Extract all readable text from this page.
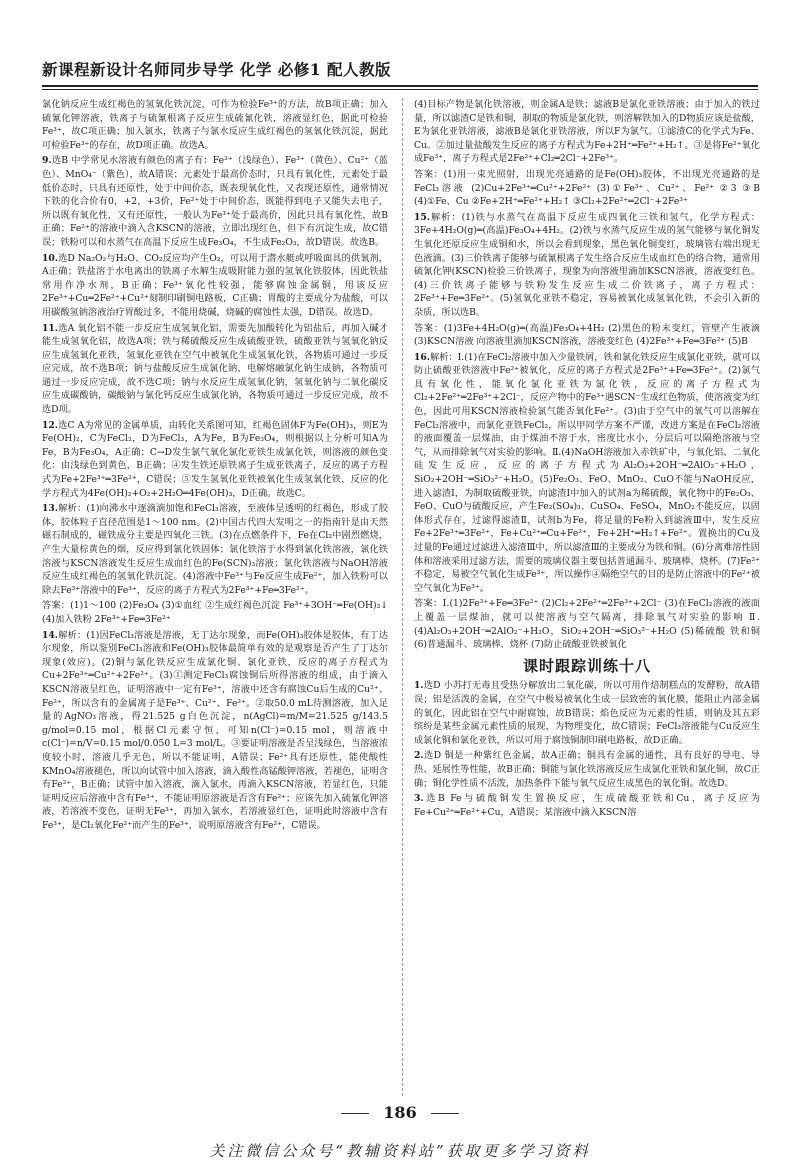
新课程新设计名师同步导学 化学 必修1 配人教版
氯化钠反应生成红褐色的氢氧化铁沉淀，可作为检验Fe³⁺的方法，故B项正确；加入硫氰化钾溶液，铁离子与硫氰根离子反应生成硫氰化铁，溶液显红色，据此可检验Fe³⁺，故C项正确；加入氯水，铁离子与氯水反应生成红褐色的氢氧化铁沉淀，据此可检验Fe³⁺的存在，故D项正确。故选A。
9.选B 中学常见水溶液有颜色的离子有：Fe²⁺（浅绿色）、Fe³⁺（黄色）、Cu²⁺（蓝色）、MnO₄⁻（紫色），故A错误；元素处于最高价态时，只具有氧化性，元素处于最低价态时，只具有还原性，处于中间价态，既表现氧化性，又表现还原性，通常情况下铁的化合价有0，+2，+3价，Fe²⁺处于中间价态，既能得到电子又能失去电子，所以既有氧化性，又有还原性，一般认为Fe³⁺处于最高价，因此只具有氧化性，故B正确；Fe²⁺的溶液中滴入含KSCN的溶液，立即出现红色，但下有沉淀生成，故C错误；铁粉可以和水蒸气在高温下反应生成Fe₃O₄，不生成Fe₂O₃，故D错误。故选B。
10.选D Na₂O₂与H₂O、CO₂反应均产生O₂，可以用于潜水艇或呼吸面具的供氧剂，A正确；铁盐溶于水电离出的铁离子水解生成吸附能力强的氢氧化铁胶体，因此铁盐常用作净水剂，B正确；Fe³⁺氧化性较强，能够腐蚀金属铜，用该反应2Fe³⁺+Cu═2Fe²⁺+Cu²⁺刻制印刷铜电路板，C正确；胃酸的主要成分为盐酸，可以用碳酸氢钠溶液治疗胃酸过多，不能用烧碱，烧碱的腐蚀性太强，D错误。故选D。
11.选A 氧化铝不能一步反应生成氢氧化铝，需要先加酸转化为铝盐后，再加入碱才能生成氢氧化铝，故选A项；铁与稀硫酸反应生成硫酸亚铁，硫酸亚铁与氢氧化钠反应生成氢氧化亚铁，氢氧化亚铁在空气中被氧化生成氢氧化铁，各物质可通过一步反应完成，故不选B项；钠与盐酸反应生成氯化钠，电解熔融氯化钠生成钠，各物质可通过一步反应完成，故不选C项；钠与水反应生成氢氧化钠，氢氧化钠与二氧化碳反应生成碳酸钠，碳酸钠与氯化钙反应生成氯化钠，各物质可通过一步反应完成，故不选D项。
12.选C A为常见的金属单质，由转化关系图可知，红褐色固体F为Fe(OH)₃，则E为Fe(OH)₂，C为FeCl₂，D为FeCl₃，A为Fe，B为Fe₃O₄，则根据以上分析可知A为Fe，B为Fe₃O₄，A正确；C→D发生氯气氧化氯化亚铁生成氯化铁，则溶液的颜色变化：由浅绿色到黄色，B正确；④发生铁还原铁离子生成亚铁离子，反应的离子方程式为Fe+2Fe³⁺═3Fe²⁺，C错误；⑤发生氢氧化亚铁被氧化生成氢氧化铁，反应的化学方程式为4Fe(OH)₂+O₂+2H₂O═4Fe(OH)₃，D正确。故选C。
13.解析：(1)向沸水中逐滴滴加饱和FeCl₃溶液，至液体呈透明的红褐色，形成了胶体，胶体粒子直径范围是1～100 nm。(2)中国古代四大发明之一的指南针是由天然磁石制成的，磁铁成分主要是四氧化三铁。(3)在点燃条件下，Fe在Cl₂中剧烈燃烧，产生大量棕黄色的烟，反应得到氯化铁固体；氯化铁溶于水得到氯化铁溶液，氯化铁溶液与KSCN溶液发生反应生成血红色的Fe(SCN)₃溶液；氯化铁溶液与NaOH溶液反应生成红褐色的氢氧化铁沉淀。(4)溶液中Fe³⁺与Fe反应生成Fe²⁺，加入铁粉可以除去Fe³⁺溶液中的Fe³⁺，反应的离子方程式为2Fe³⁺+Fe═3Fe²⁺。
答案：(1)1～100 (2)Fe₃O₄ (3)①血红 ②生成红褐色沉淀 Fe³⁺+3OH⁻═Fe(OH)₃↓ (4)加入铁粉 2Fe³⁺+Fe═3Fe²⁺
14.解析：(1)因FeCl₃溶液是溶液，无丁达尔现象，而Fe(OH)₃胶体是胶体，有丁达尔现象，所以鉴别FeCl₃溶液和Fe(OH)₃胶体最简单有效的是观察是否产生了丁达尔现象(效应)。(2)铜与氯化铁反应生成氯化铜、氯化亚铁，反应的离子方程式为Cu+2Fe³⁺═Cu²⁺+2Fe²⁺。(3)①测定FeCl₃腐蚀铜后所得溶液的组成，由于滴入KSCN溶液呈红色，证明溶液中一定有Fe³⁺，溶液中还含有腐蚀Cu后生成的Cu²⁺、Fe²⁺，所以含有的金属离子是Fe³⁺、Cu²⁺、Fe²⁺。②取50.0 mL待测溶液，加入足量的AgNO₃溶液，得21.525 g白色沉淀，n(AgCl)=m/M=21.525 g/143.5 g/mol=0.15 mol，根据Cl元素守恒，可知n(Cl⁻)=0.15 mol，则溶液中c(Cl⁻)=n/V=0.15 mol/0.050 L=3 mol/L。③要证明溶液是否呈浅绿色，当溶液浓度较小时，溶液几乎无色，所以不能证明，A错误；Fe²⁺具有还原性，能使酸性KMnO₄溶液褪色，所以向试管中加入溶液，滴入酸性高锰酸钾溶液，若褪色，证明含有Fe²⁺，B正确；试管中加入溶液，滴入氯水，再滴入KSCN溶液，若显红色，只能证明反应后溶液中含有Fe³⁺，不能证明原溶液是否含有Fe²⁺；应该先加入硫氰化钾溶液，若溶液不变色，证明无Fe³⁺，再加入氯水，若溶液显红色，证明此时溶液中含有Fe³⁺，是Cl₂氧化Fe²⁺而产生的Fe³⁺，说明原溶液含有Fe²⁺，C错误。
(4)目标产物是氯化铁溶液，则金属A是铁；滤液B是氯化亚铁溶液；由于加入的铁过量，所以滤渣C是铁和铜，制取的物质是氯化铁，则溶解铁加入的D物质应该是盐酸，E为氯化亚铁溶液，滤液B是氯化亚铁溶液，所以F为氯气。①滤渣C的化学式为Fe、Cu。②加过量盐酸发生反应的离子方程式为Fe+2H⁺═Fe²⁺+H₂↑。③是将Fe²⁺氧化成Fe³⁺，离子方程式是2Fe²⁺+Cl₂═2Cl⁻+2Fe³⁺。
答案：(1)用一束光照射，出现光亮通路的是Fe(OH)₃胶体，不出现光亮通路的是FeCl₃溶液 (2)Cu+2Fe³⁺═Cu²⁺+2Fe²⁺ (3)①Fe³⁺、Cu²⁺、Fe²⁺ ②3 ③B (4)①Fe、Cu ②Fe+2H⁺═Fe²⁺+H₂↑ ③Cl₂+2Fe²⁺═2Cl⁻+2Fe³⁺
15.解析：(1)铁与水蒸气在高温下反应生成四氧化三铁和氢气，化学方程式：3Fe+4H₂O(g)═(高温)Fe₃O₄+4H₂。(2)铁与水蒸气反应生成的氢气能够与氧化铜发生氧化还原反应生成铜和水，所以会看到现象，黑色氧化铜变红，玻璃管右端出现无色液滴。(3)三价铁离子能够与硫氰根离子发生络合反应生成血红色的络合物，通常用硫氰化钾(KSCN)检验三价铁离子，现象为向溶液里滴加KSCN溶液，溶液变红色。(4)三价铁离子能够与铁粉发生反应生成二价铁离子，离子方程式：2Fe³⁺+Fe═3Fe²⁺。(5)氢氧化亚铁不稳定，容易被氧化成氢氧化铁，不会引入新的杂质，所以选B。
答案：(1)3Fe+4H₂O(g)═(高温)Fe₃O₄+4H₂ (2)黑色的粉末变红，管壁产生液滴 (3)KSCN溶液 向溶液里滴加KSCN溶液，溶液变红色 (4)2Fe³⁺+Fe═3Fe²⁺ (5)B
16.解析：Ⅰ.(1)在FeCl₂溶液中加入少量铁屑，铁和氯化铁反应生成氯化亚铁，就可以防止硫酸亚铁溶液中Fe²⁺被氧化，反应的离子方程式是2Fe³⁺+Fe═3Fe²⁺。(2)氯气具有氧化性，能氧化氯化亚铁为氯化铁，反应的离子方程式为Cl₂+2Fe²⁺═2Fe³⁺+2Cl⁻，反应产物中的Fe³⁺遇SCN⁻生成红色物质，使溶液变为红色，因此可用KSCN溶液检验氯气能否氧化Fe²⁺。(3)由于空气中的氧气可以溶解在FeCl₂溶液中，而氯化亚铁FeCl₂，所以甲同学方案不严谨，改进方案是在FeCl₂溶液的液面覆盖一层煤油，由于煤油不溶于水，密度比水小，分层后可以隔绝溶液与空气，从而排除氧气对实验的影响。Ⅱ.(4)NaOH溶液加入赤铁矿中，与氧化铝、二氧化硅发生反应，反应的离子方程式为Al₂O₃+2OH⁻═2AlO₂⁻+H₂O，SiO₂+2OH⁻═SiO₃²⁻+H₂O。(5)Fe₂O₃、FeO、MnO₂、CuO不能与NaOH反应，进入滤渣Ⅰ，为制取硫酸亚铁，向滤渣Ⅰ中加入的试剂a为稀硫酸，氧化物中的Fe₂O₃、FeO、CuO与硫酸反应，产生Fe₂(SO₄)₃、CuSO₄、FeSO₄，MnO₂不能反应，以固体形式存在，过滤得滤渣Ⅱ，试剂b为Fe，将足量的Fe粉入到滤液Ⅲ中，发生反应Fe+2Fe³⁺═3Fe²⁺，Fe+Cu²⁺═Cu+Fe²⁺，Fe+2H⁺═H₂↑+Fe²⁺。置换出的Cu及过量的Fe通过过滤进入滤渣Ⅲ中，所以滤渣Ⅲ的主要成分为铁和铜。(6)分离难溶性固体和溶液采用过滤方法，需要的玻璃仪器主要包括普通漏斗、玻璃棒、烧杯。(7)Fe²⁺不稳定，易被空气氧化生成Fe³⁺，所以操作④隔绝空气的目的是防止溶液中的Fe²⁺被空气氧化为Fe³⁺。
答案：Ⅰ.(1)2Fe³⁺+Fe═3Fe²⁺ (2)Cl₂+2Fe²⁺═2Fe³⁺+2Cl⁻ (3)在FeCl₂溶液的液面上覆盖一层煤油，就可以使溶液与空气隔离，排除氧气对实验的影响 Ⅱ.(4)Al₂O₃+2OH⁻═2AlO₂⁻+H₂O，SiO₂+2OH⁻═SiO₃²⁻+H₂O (5)稀硫酸 铁和铜 (6)普通漏斗、玻璃棒、烧杯 (7)防止硫酸亚铁被氧化
课时跟踪训练十八
1.选D 小苏打无毒且受热分解放出二氧化碳，所以可用作焙制糕点的发酵粉，故A错误；铝是活泼的金属，在空气中极易被氧化生成一层致密的氧化膜，能阻止内部金属的氧化，因此铝在空气中耐腐蚀，故B错误；焰色反应为元素的性质，则钠及其五彩缤纷是某些金属元素性质的展现，为物理变化，故C错误；FeCl₃溶液能与Cu反应生成氯化铜和氯化亚铁，所以可用于腐蚀铜制印刷电路板，故D正确。
2.选D 铜是一种紫红色金属，故A正确；铜具有金属的通性，具有良好的导电、导热、延展性等性能，故B正确；铜能与氯化铁溶液反应生成氯化亚铁和氯化铜，故C正确；铜化学性质不活泼，加热条件下能与氧气反应生成黑色的氧化铜。故选D。
3.选B Fe与硫酸铜发生置换反应，生成硫酸亚铁和Cu，离子反应为Fe+Cu²⁺═Fe²⁺+Cu，A错误；某溶液中滴入KSCN溶
186
关注微信公众号“教辅资料站”获取更多学习资料
